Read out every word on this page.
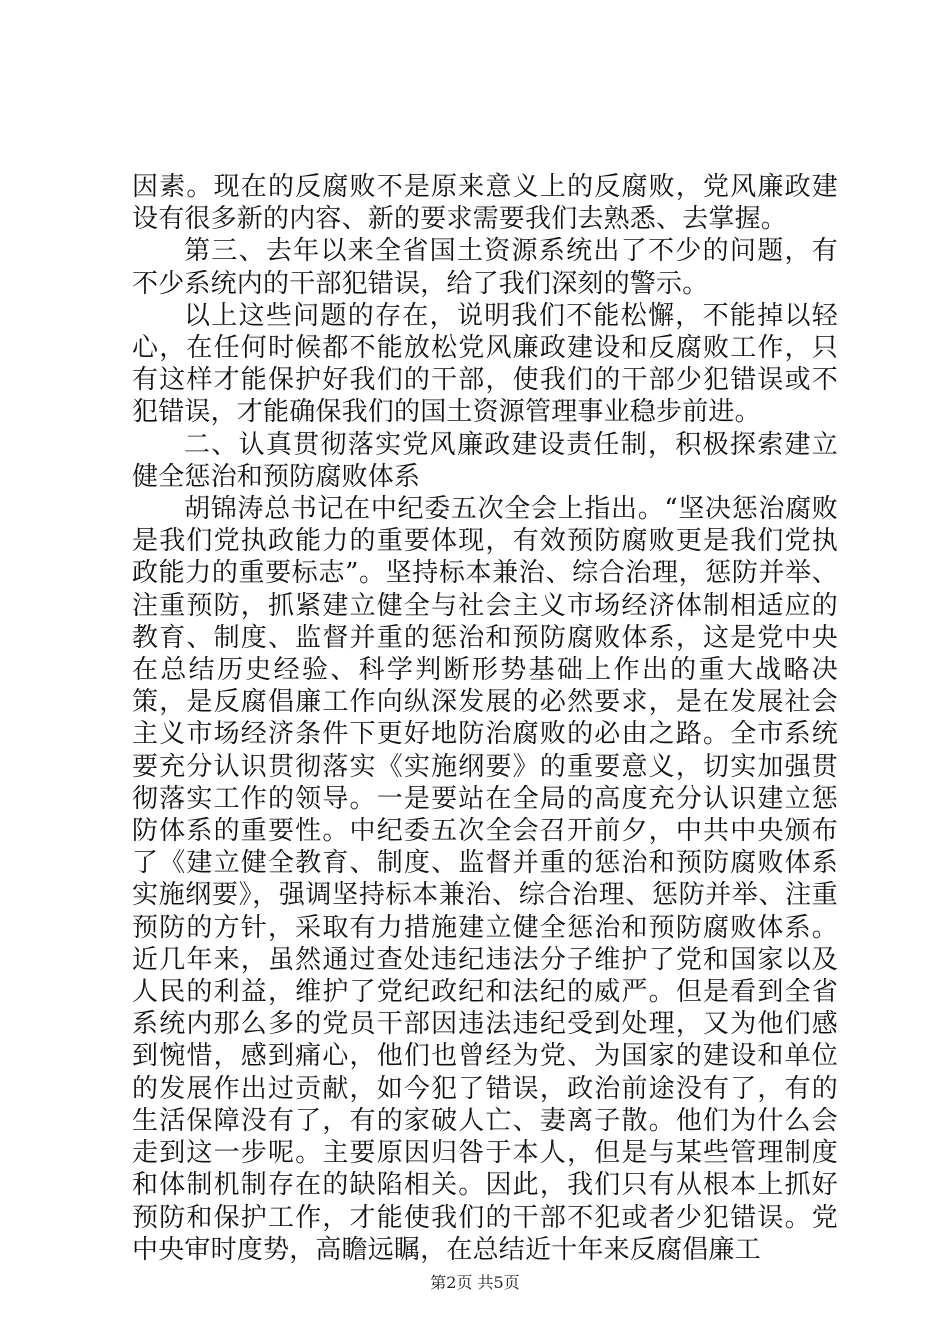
因素。现在的反腐败不是原来意义上的反腐败，党风廉政建设有很多新的内容、新的要求需要我们去熟悉、去掌握。

第三、去年以来全省国土资源系统出了不少的问题，有不少系统内的干部犯错误，给了我们深刻的警示。

以上这些问题的存在，说明我们不能松懈，不能掉以轻心，在任何时候都不能放松党风廉政建设和反腐败工作，只有这样才能保护好我们的干部，使我们的干部少犯错误或不犯错误，才能确保我们的国土资源管理事业稳步前进。

二、认真贯彻落实党风廉政建设责任制，积极探索建立健全惩治和预防腐败体系

胡锦涛总书记在中纪委五次全会上指出。“坚决惩治腐败是我们党执政能力的重要体现，有效预防腐败更是我们党执政能力的重要标志”。坚持标本兼治、综合治理，惩防并举、注重预防，抓紧建立健全与社会主义市场经济体制相适应的教育、制度、监督并重的惩治和预防腐败体系，这是党中央在总结历史经验、科学判断形势基础上作出的重大战略决策，是反腐倡廉工作向纵深发展的必然要求，是在发展社会主义市场经济条件下更好地防治腐败的必由之路。全市系统要充分认识贯彻落实《实施纲要》的重要意义，切实加强贯彻落实工作的领导。一是要站在全局的高度充分认识建立惩防体系的重要性。中纪委五次全会召开前夕，中共中央颁布了《建立健全教育、制度、监督并重的惩治和预防腐败体系实施纲要》，强调坚持标本兼治、综合治理、惩防并举、注重预防的方针，采取有力措施建立健全惩治和预防腐败体系。近几年来，虽然通过查处违纪违法分子维护了党和国家以及人民的利益，维护了党纪政纪和法纪的威严。但是看到全省系统内那么多的党员干部因违法违纪受到处理，又为他们感到惋惜，感到痛心，他们也曾经为党、为国家的建设和单位的发展作出过贡献，如今犯了错误，政治前途没有了，有的生活保障没有了，有的家破人亡、妻离子散。他们为什么会走到这一步呢。主要原因归咎于本人，但是与某些管理制度和体制机制存在的缺陷相关。因此，我们只有从根本上抓好预防和保护工作，才能使我们的干部不犯或者少犯错误。党中央审时度势，高瞻远瞩，在总结近十年来反腐倡廉工

第2页 共5页
